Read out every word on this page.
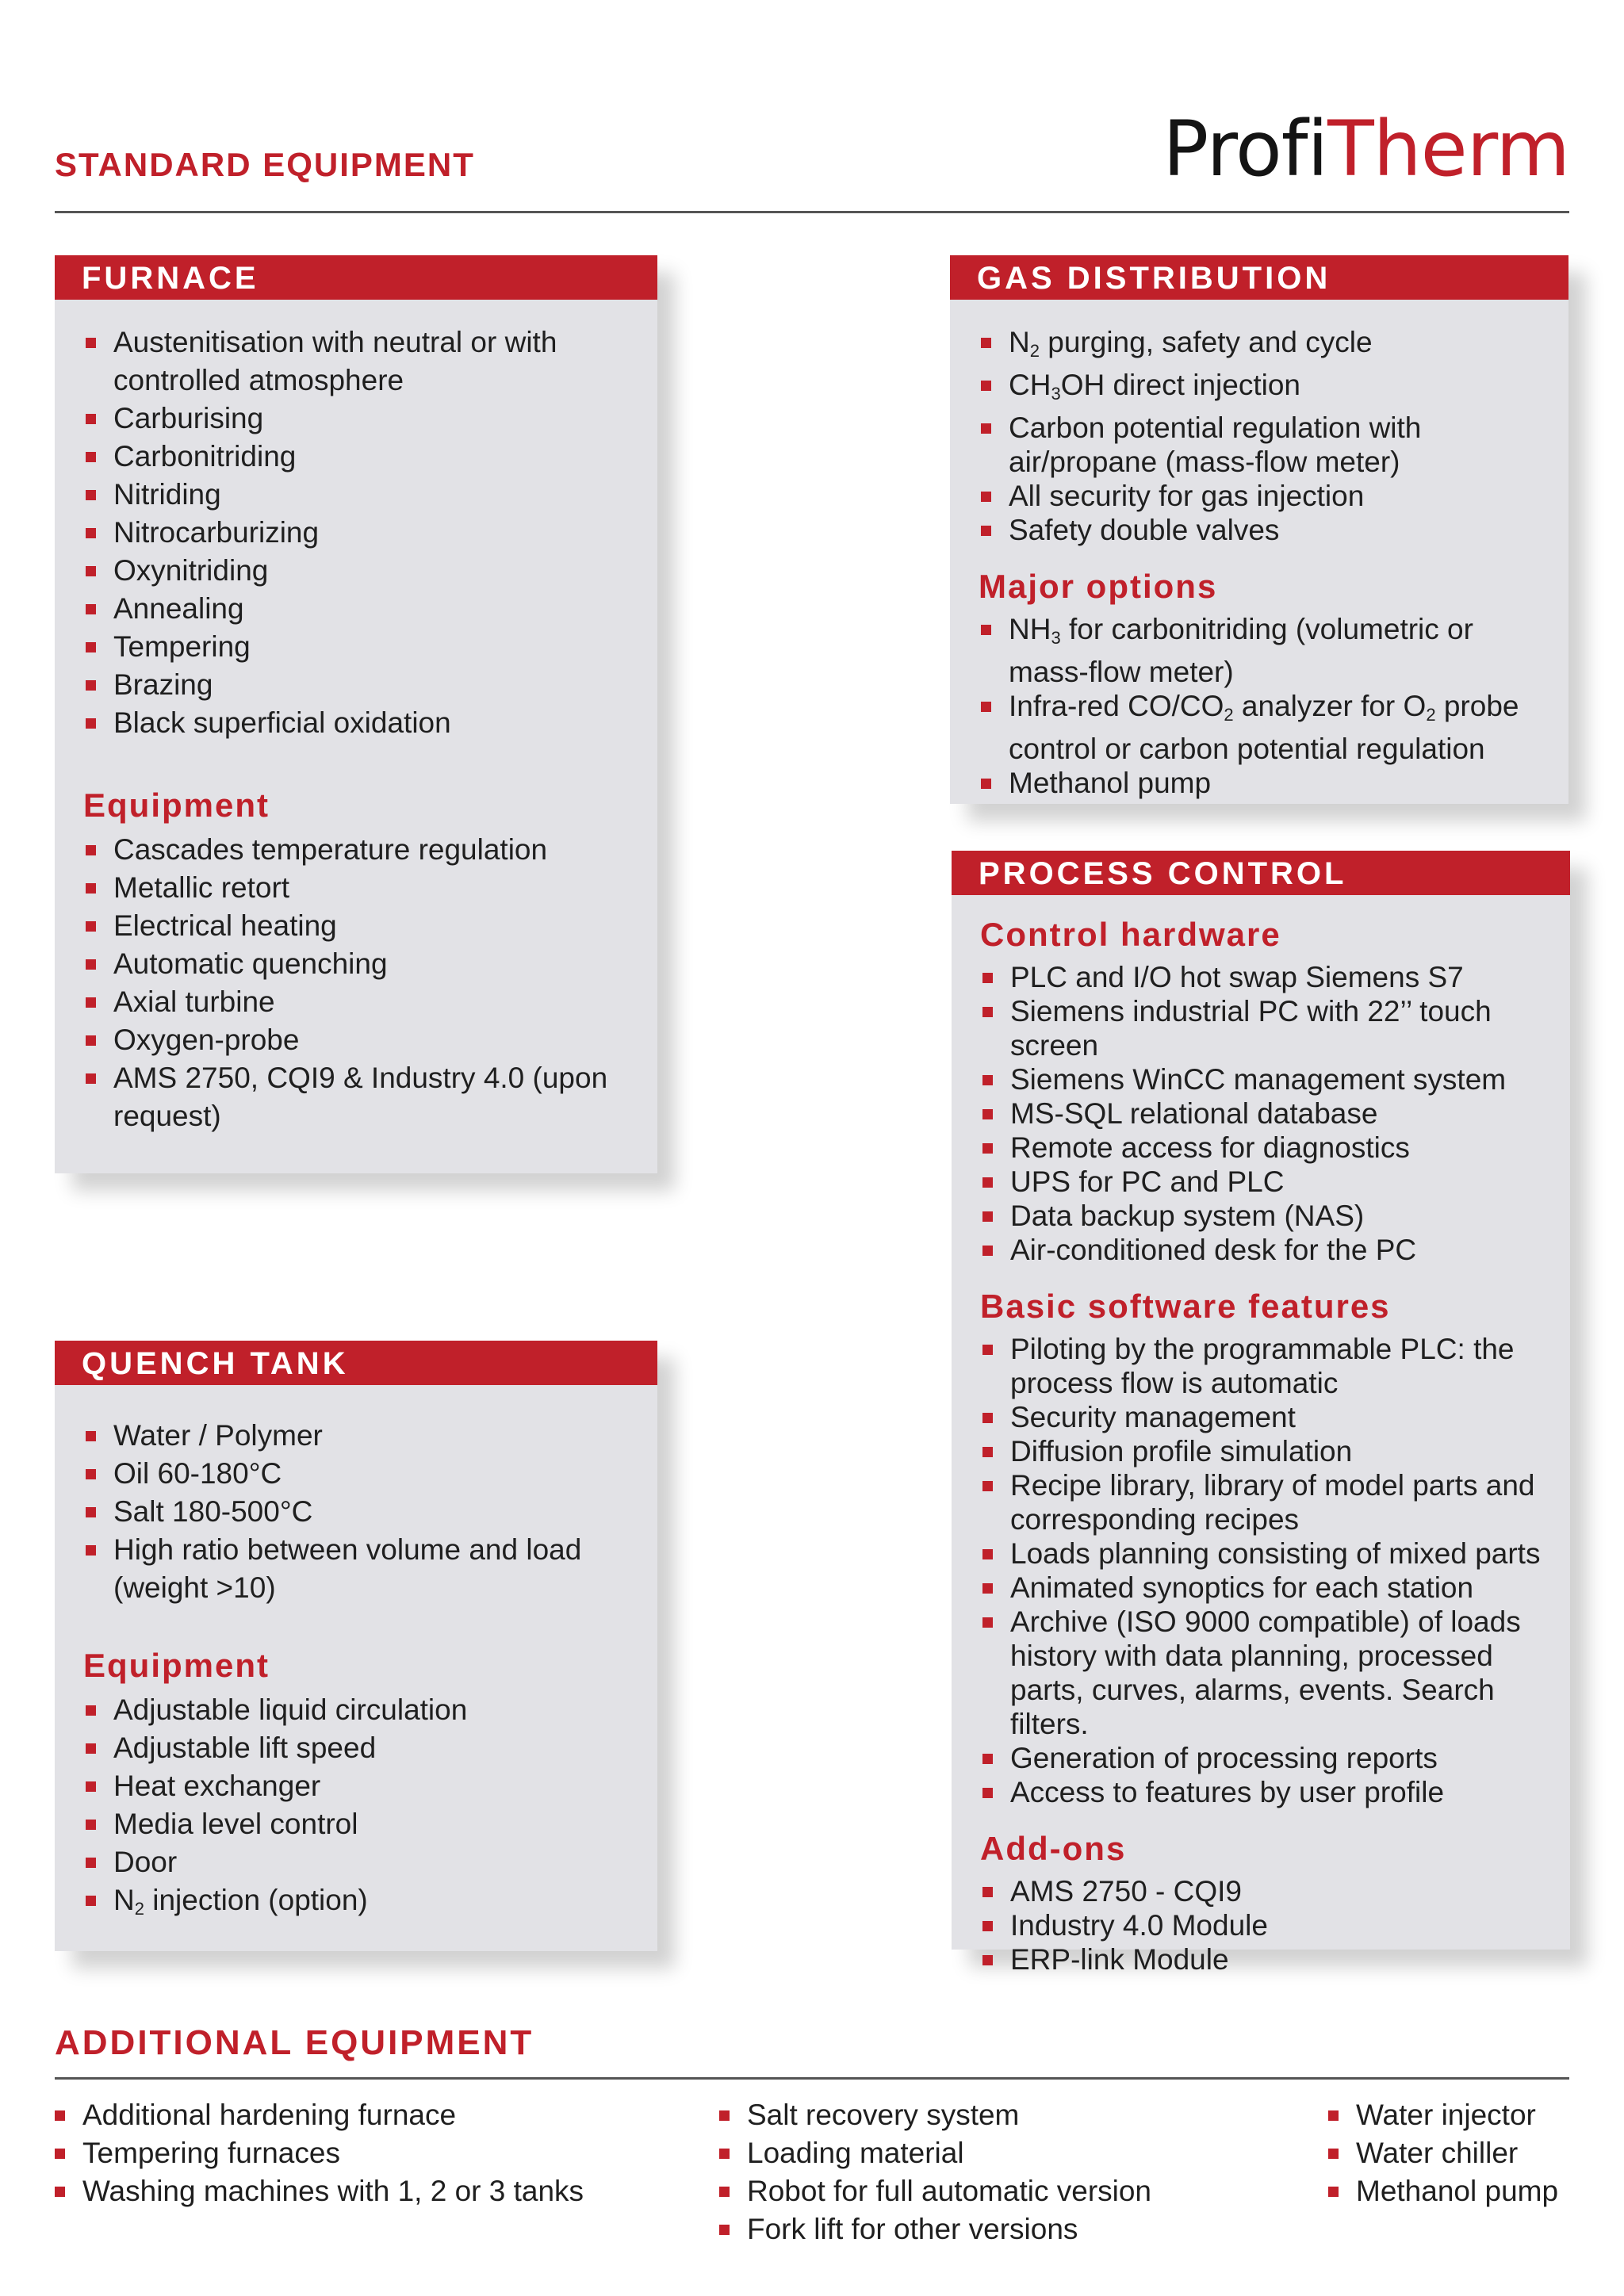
STANDARD EQUIPMENT	ProfiTherm
FURNACE
Austenitisation with neutral or with controlled atmosphere
Carburising
Carbonitriding
Nitriding
Nitrocarburizing
Oxynitriding
Annealing
Tempering
Brazing
Black superficial oxidation
Equipment
Cascades temperature regulation
Metallic retort
Electrical heating
Automatic quenching
Axial turbine
Oxygen-probe
AMS 2750, CQI9 & Industry 4.0 (upon request)
QUENCH TANK
Water / Polymer
Oil 60-180°C
Salt 180-500°C
High ratio between volume and load (weight >10)
Equipment
Adjustable liquid circulation
Adjustable lift speed
Heat exchanger
Media level control
Door
$N_2$ injection (option)
GAS DISTRIBUTION
$N_2$ purging, safety and cycle
$CH_3OH$ direct injection
Carbon potential regulation with air/propane (mass-flow meter)
All security for gas injection
Safety double valves
Major options
$NH_3$ for carbonitriding (volumetric or mass-flow meter)
Infra-red $CO/CO_2$ analyzer for $O_2$ probe control or carbon potential regulation
Methanol pump
PROCESS CONTROL
Control hardware
PLC and I/O hot swap Siemens S7
Siemens industrial PC with 22’’ touch screen
Siemens WinCC management system
MS-SQL relational database
Remote access for diagnostics
UPS for PC and PLC
Data backup system (NAS)
Air-conditioned desk for the PC
Basic software features
Piloting by the programmable PLC: the process flow is automatic
Security management
Diffusion profile simulation
Recipe library, library of model parts and corresponding recipes
Loads planning consisting of mixed parts
Animated synoptics for each station
Archive (ISO 9000 compatible) of loads history with data planning, processed parts, curves, alarms, events. Search filters.
Generation of processing reports
Access to features by user profile
Add-ons
AMS 2750 - CQI9
Industry 4.0 Module
ERP-link Module
ADDITIONAL EQUIPMENT
Additional hardening furnace
Tempering furnaces
Washing machines with 1, 2 or 3 tanks
Salt recovery system
Loading material
Robot for full automatic version
Fork lift for other versions
Water injector
Water chiller
Methanol pump
